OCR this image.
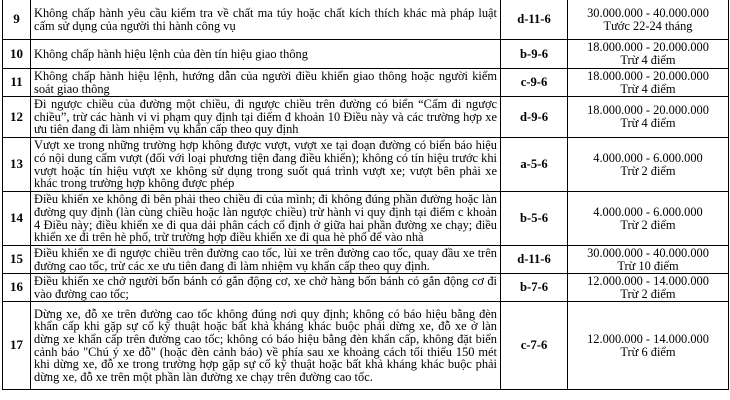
9	Không chấp hành yêu cầu kiểm tra về chất ma túy hoặc chất kích thích khác mà pháp luật cấm sử dụng của người thi hành công vụ	d-11-6	30.000.000 - 40.000.000
Tước 22-24 tháng

10	Không chấp hành hiệu lệnh của đèn tín hiệu giao thông	b-9-6	18.000.000 - 20.000.000
Trừ 4 điểm

11	Không chấp hành hiệu lệnh, hướng dẫn của người điều khiển giao thông hoặc người kiểm soát giao thông	c-9-6	18.000.000 - 20.000.000
Trừ 4 điểm

12	Đi ngược chiều của đường một chiều, đi ngược chiều trên đường có biển “Cấm đi ngược chiều”, trừ các hành vi vi phạm quy định tại điểm đ khoản 10 Điều này và các trường hợp xe ưu tiên đang đi làm nhiệm vụ khẩn cấp theo quy định	d-9-6	18.000.000 - 20.000.000
Trừ 4 điểm

13	Vượt xe trong những trường hợp không được vượt, vượt xe tại đoạn đường có biển báo hiệu có nội dung cấm vượt (đối với loại phương tiện đang điều khiển); không có tín hiệu trước khi vượt hoặc tín hiệu vượt xe không sử dụng trong suốt quá trình vượt xe; vượt bên phải xe khác trong trường hợp không được phép	a-5-6	4.000.000 - 6.000.000
Trừ 2 điểm

14	Điều khiển xe không đi bên phải theo chiều đi của mình; đi không đúng phần đường hoặc làn đường quy định (làn cùng chiều hoặc làn ngược chiều) trừ hành vi quy định tại điểm c khoản 4 Điều này; điều khiển xe đi qua dải phân cách cố định ở giữa hai phần đường xe chạy; điều khiển xe đi trên hè phố, trừ trường hợp điều khiển xe đi qua hè phố để vào nhà	b-5-6	4.000.000 - 6.000.000
Trừ 2 điểm

15	Điều khiển xe đi ngược chiều trên đường cao tốc, lùi xe trên đường cao tốc, quay đầu xe trên đường cao tốc, trừ các xe ưu tiên đang đi làm nhiệm vụ khẩn cấp theo quy định.	d-11-6	30.000.000 - 40.000.000
Trừ 10 điểm

16	Điều khiển xe chở người bốn bánh có gắn động cơ, xe chở hàng bốn bánh có gắn động cơ đi vào đường cao tốc;	b-7-6	12.000.000 - 14.000.000
Trừ 2 điểm

17	Dừng xe, đỗ xe trên đường cao tốc không đúng nơi quy định; không có báo hiệu bằng đèn khẩn cấp khi gặp sự cố kỹ thuật hoặc bất khả kháng khác buộc phải dừng xe, đỗ xe ở làn dừng xe khẩn cấp trên đường cao tốc; không có báo hiệu bằng đèn khẩn cấp, không đặt biển cảnh báo "Chú ý xe đỗ" (hoặc đèn cảnh báo) về phía sau xe khoảng cách tối thiểu 150 mét khi dừng xe, đỗ xe trong trường hợp gặp sự cố kỹ thuật hoặc bất khả kháng khác buộc phải dừng xe, đỗ xe trên một phần làn đường xe chạy trên đường cao tốc.	c-7-6	12.000.000 - 14.000.000
Trừ 6 điểm
